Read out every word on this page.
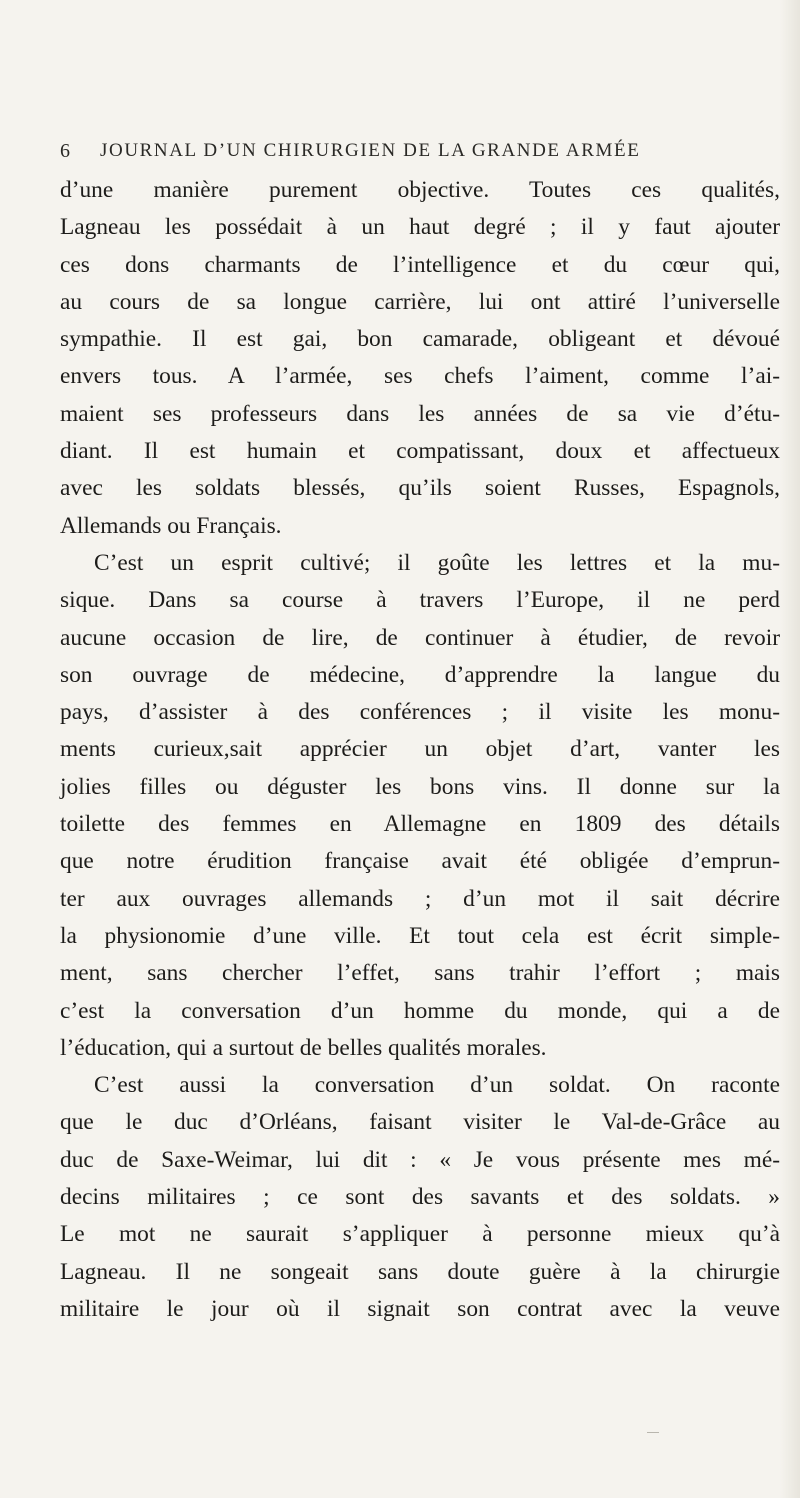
6 JOURNAL D’UN CHIRURGIEN DE LA GRANDE ARMÉE
d’une manière purement objective. Toutes ces qualités,
Lagneau les possédait à un haut degré ; il y faut ajouter
ces dons charmants de l’intelligence et du cœur qui,
au cours de sa longue carrière, lui ont attiré l’universelle
sympathie. Il est gai, bon camarade, obligeant et dévoué
envers tous. A l’armée, ses chefs l’aiment, comme l’ai-
maient ses professeurs dans les années de sa vie d’étu-
diant. Il est humain et compatissant, doux et affectueux
avec les soldats blessés, qu’ils soient Russes, Espagnols,
Allemands ou Français.
C’est un esprit cultivé; il goûte les lettres et la mu-
sique. Dans sa course à travers l’Europe, il ne perd
aucune occasion de lire, de continuer à étudier, de revoir
son ouvrage de médecine, d’apprendre la langue du
pays, d’assister à des conférences ; il visite les monu-
ments curieux,sait apprécier un objet d’art, vanter les
jolies filles ou déguster les bons vins. Il donne sur la
toilette des femmes en Allemagne en 1809 des détails
que notre érudition française avait été obligée d’emprun-
ter aux ouvrages allemands ; d’un mot il sait décrire
la physionomie d’une ville. Et tout cela est écrit simple-
ment, sans chercher l’effet, sans trahir l’effort ; mais
c’est la conversation d’un homme du monde, qui a de
l’éducation, qui a surtout de belles qualités morales.
C’est aussi la conversation d’un soldat. On raconte
que le duc d’Orléans, faisant visiter le Val-de-Grâce au
duc de Saxe-Weimar, lui dit : « Je vous présente mes mé-
decins militaires ; ce sont des savants et des soldats. »
Le mot ne saurait s’appliquer à personne mieux qu’à
Lagneau. Il ne songeait sans doute guère à la chirurgie
militaire le jour où il signait son contrat avec la veuve
